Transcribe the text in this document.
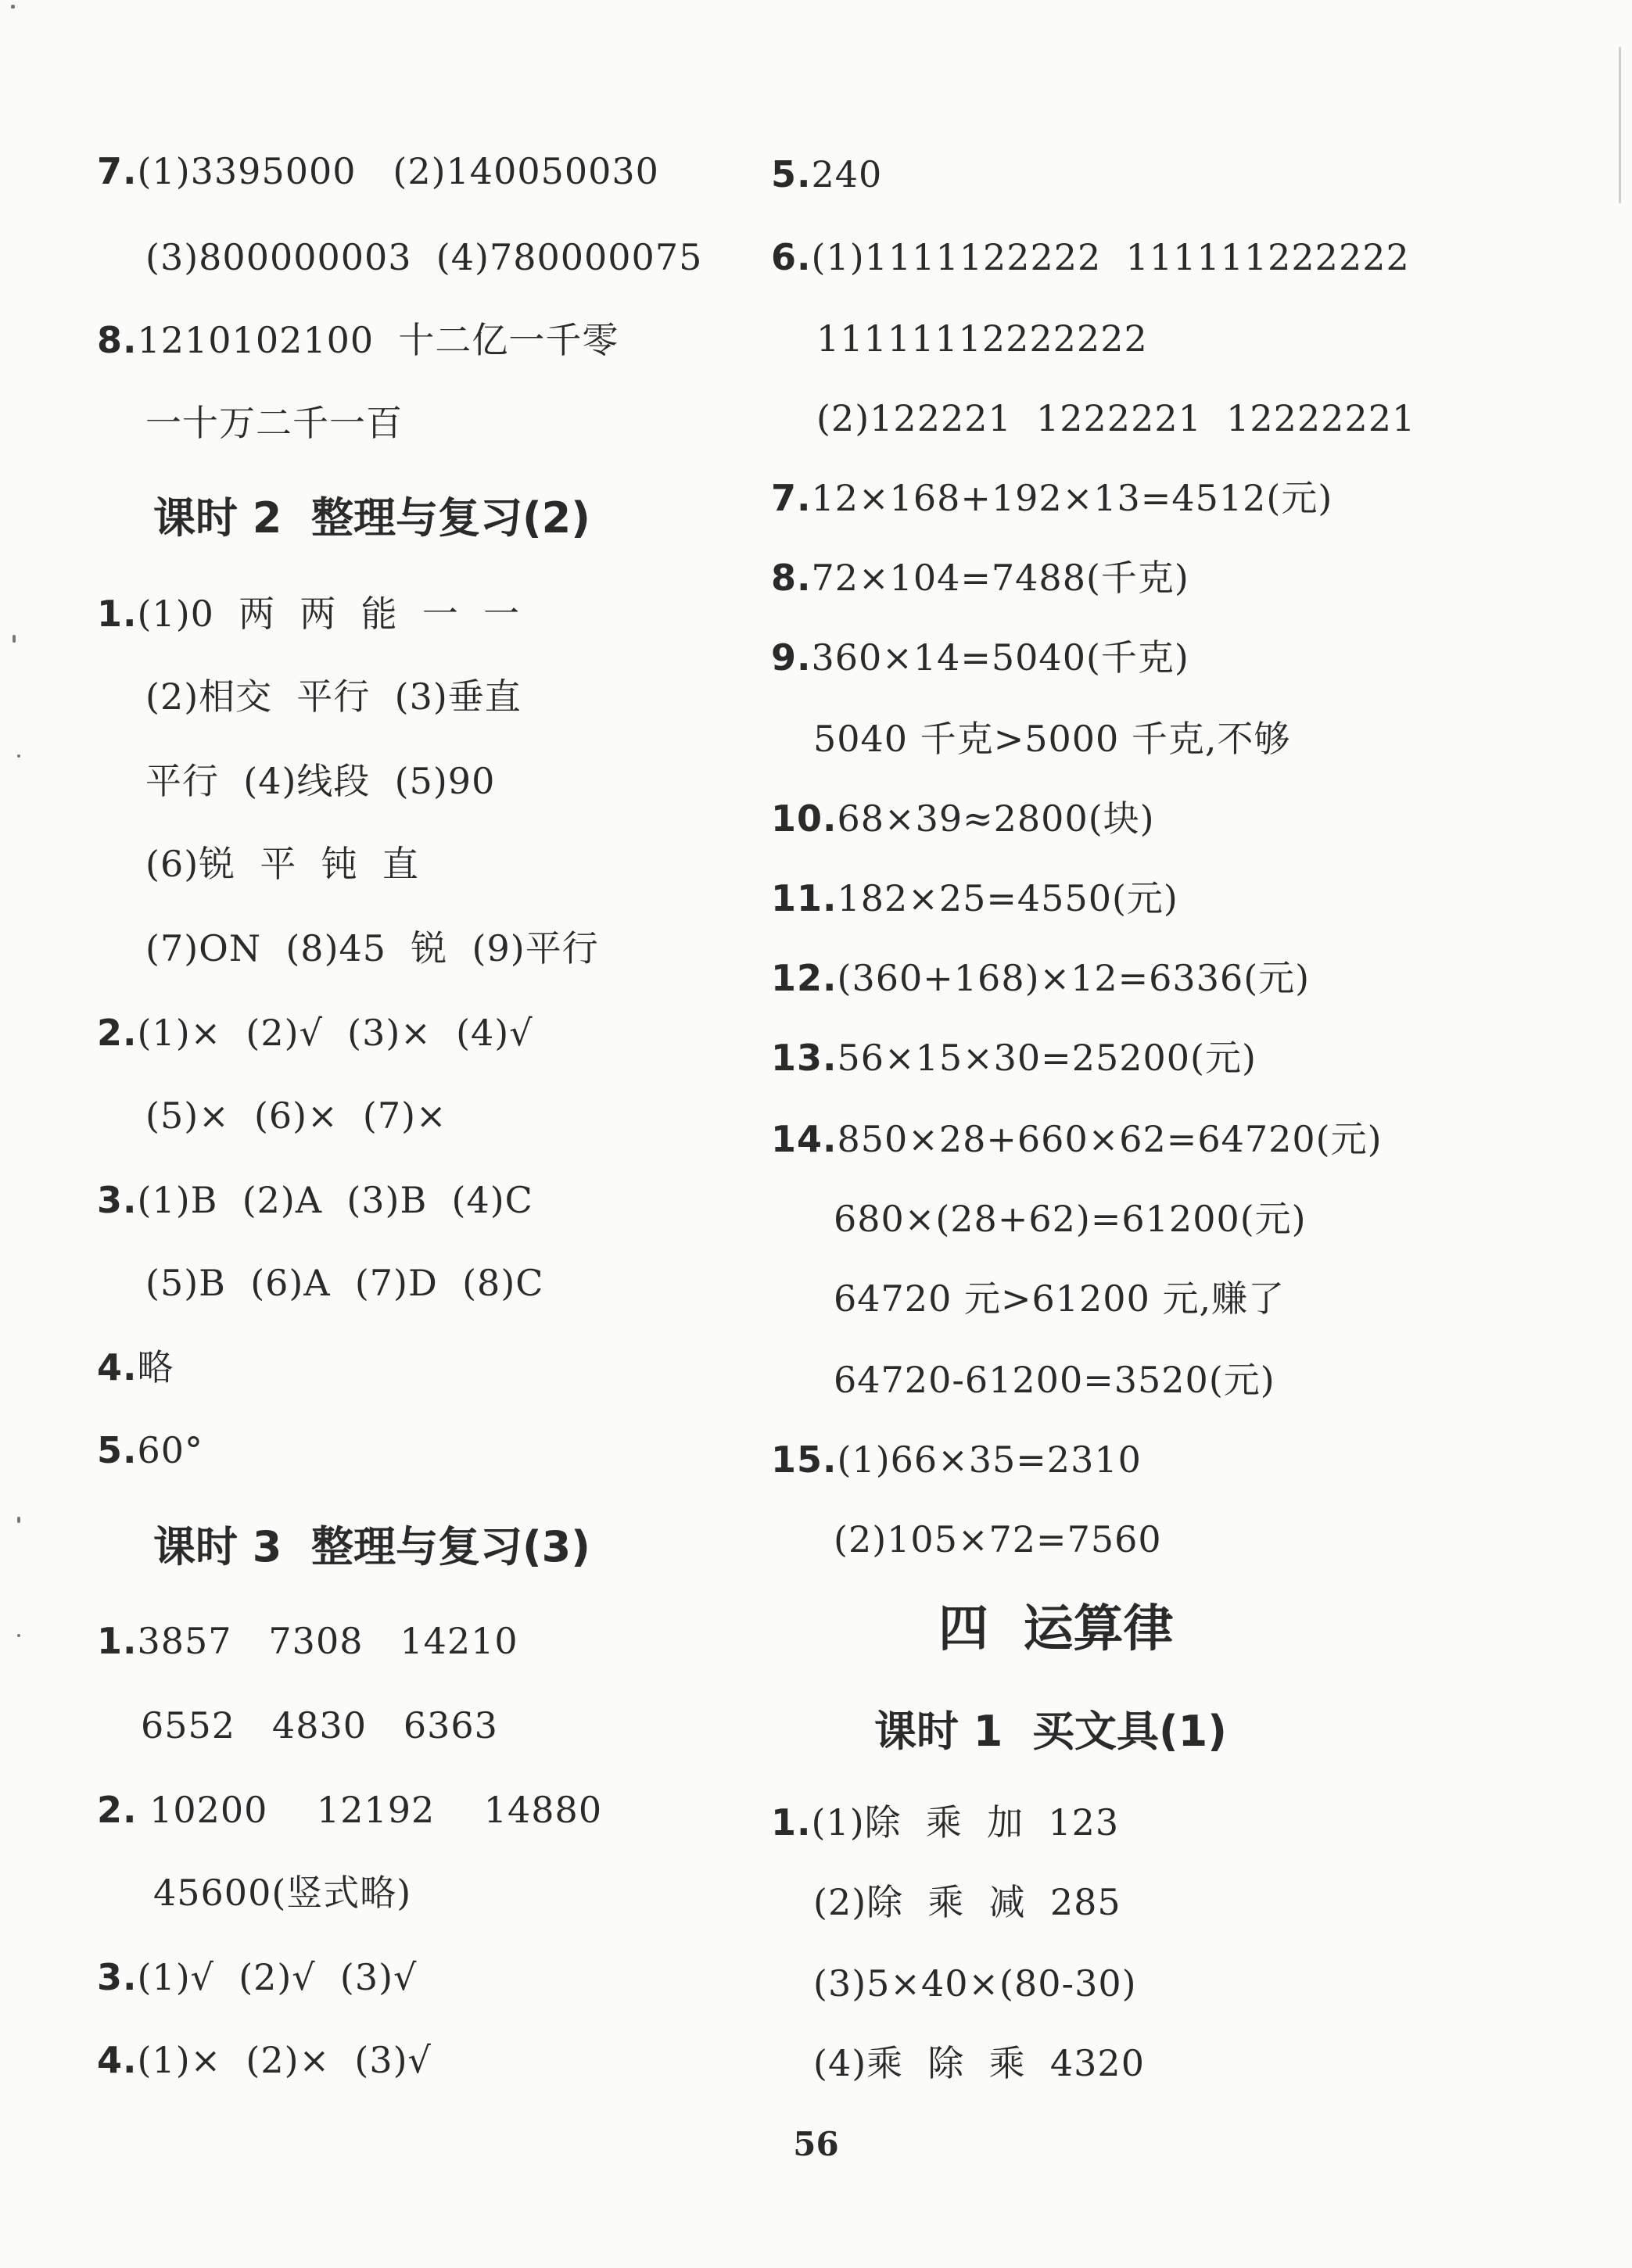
7.(1)3395000   (2)140050030
(3)800000003  (4)780000075
8.1210102100  十二亿一千零
一十万二千一百
课时 2  整理与复习(2)
1.(1)0  两  两  能  一  一
(2)相交  平行  (3)垂直
平行  (4)线段  (5)90
(6)锐  平  钝  直
(7)ON  (8)45  锐  (9)平行
2.(1)×  (2)√  (3)×  (4)√
(5)×  (6)×  (7)×
3.(1)B  (2)A  (3)B  (4)C
(5)B  (6)A  (7)D  (8)C
4.略
5.60°
课时 3  整理与复习(3)
1.3857   7308   14210
6552   4830   6363
2. 10200    12192    14880
45600(竖式略)
3.(1)√  (2)√  (3)√
4.(1)×  (2)×  (3)√
5.240
6.(1)1111122222  111111222222
11111112222222
(2)122221  1222221  12222221
7.12×168+192×13=4512(元)
8.72×104=7488(千克)
9.360×14=5040(千克)
5040 千克>5000 千克,不够
10.68×39≈2800(块)
11.182×25=4550(元)
12.(360+168)×12=6336(元)
13.56×15×30=25200(元)
14.850×28+660×62=64720(元)
680×(28+62)=61200(元)
64720 元>61200 元,赚了
64720-61200=3520(元)
15.(1)66×35=2310
(2)105×72=7560
四  运算律
课时 1  买文具(1)
1.(1)除  乘  加  123
(2)除  乘  减  285
(3)5×40×(80-30)
(4)乘  除  乘  4320
56
